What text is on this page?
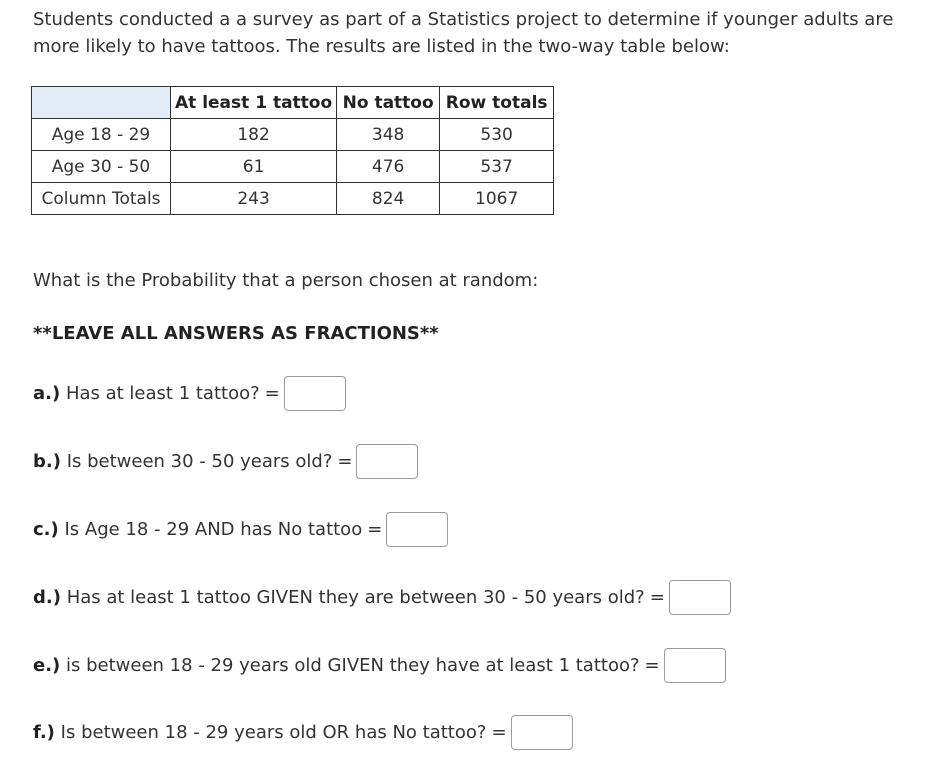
Students conducted a a survey as part of a Statistics project to determine if younger adults are more likely to have tattoos. The results are listed in the two-way table below:

	At least 1 tattoo	No tattoo	Row totals
Age 18 - 29	182	348	530
Age 30 - 50	61	476	537
Column Totals	243	824	1067

What is the Probability that a person chosen at random:

**LEAVE ALL ANSWERS AS FRACTIONS**

a.)
Has at least 1 tattoo? =
b.)
Is between 30 - 50 years old? =
c.)
Is Age 18 - 29 AND has No tattoo =
d.)
Has at least 1 tattoo GIVEN they are between 30 - 50 years old? =
e.)
is between 18 - 29 years old GIVEN they have at least 1 tattoo? =
f.)
Is between 18 - 29 years old OR has No tattoo? =
